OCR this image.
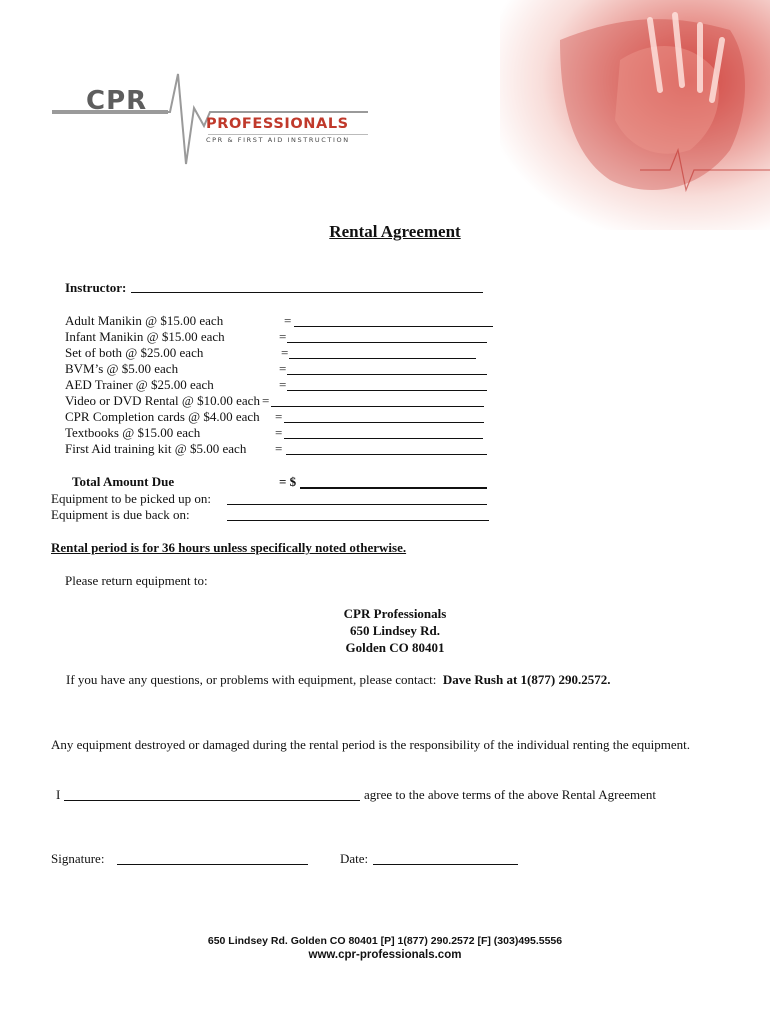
CPR
PROFESSIONALS
CPR & FIRST AID INSTRUCTION
Rental Agreement
Instructor:
Adult Manikin @ $15.00 each	=
Infant Manikin @ $15.00 each	=
Set of both @ $25.00 each	=
BVM’s @ $5.00 each	=
AED Trainer @ $25.00 each	=
Video or DVD Rental @ $10.00 each =
CPR Completion cards @ $4.00 each =
Textbooks @ $15.00 each	=
First Aid training kit @ $5.00 each =
Total Amount Due	= $
Equipment to be picked up on:
Equipment is due back on:
Rental period is for 36 hours unless specifically noted otherwise.
Please return equipment to:
CPR Professionals
650 Lindsey Rd.
Golden CO 80401
If you have any questions, or problems with equipment, please contact: Dave Rush at 1(877) 290.2572.
Any equipment destroyed or damaged during the rental period is the responsibility of the individual renting the equipment.
I	agree to the above terms of the above Rental Agreement
Signature:	Date:
650 Lindsey Rd. Golden CO 80401 [P] 1(877) 290.2572 [F] (303)495.5556
www.cpr-professionals.com
